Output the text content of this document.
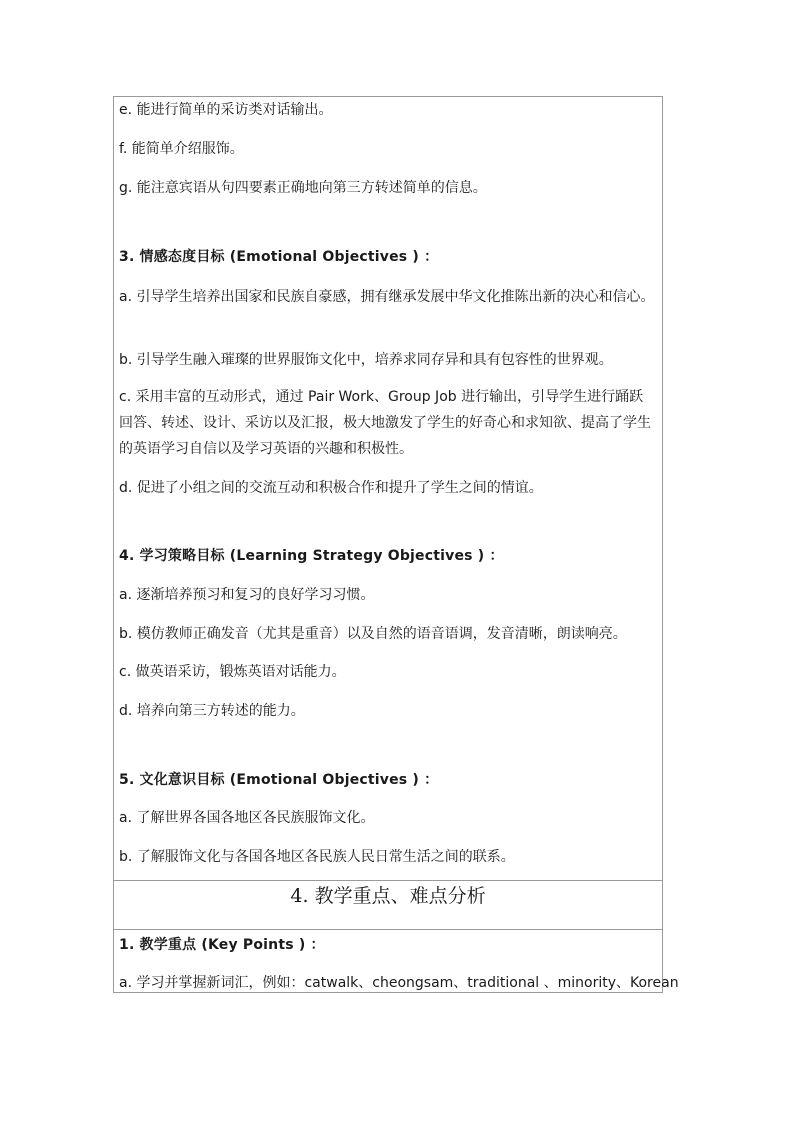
e. 能进行简单的采访类对话输出。
f. 能简单介绍服饰。
g. 能注意宾语从句四要素正确地向第三方转述简单的信息。
3. 情感态度目标 (Emotional Objectives ) ：
a. 引导学生培养出国家和民族自豪感，拥有继承发展中华文化推陈出新的决心和信心。
b. 引导学生融入璀璨的世界服饰文化中，培养求同存异和具有包容性的世界观。
c. 采用丰富的互动形式，通过 Pair Work、Group Job 进行输出，引导学生进行踊跃回答、转述、设计、采访以及汇报，极大地激发了学生的好奇心和求知欲、提高了学生的英语学习自信以及学习英语的兴趣和积极性。
d. 促进了小组之间的交流互动和积极合作和提升了学生之间的情谊。
4. 学习策略目标 (Learning Strategy Objectives ) ：
a. 逐渐培养预习和复习的良好学习习惯。
b. 模仿教师正确发音（尤其是重音）以及自然的语音语调，发音清晰，朗读响亮。
c. 做英语采访，锻炼英语对话能力。
d. 培养向第三方转述的能力。
5. 文化意识目标 (Emotional Objectives ) ：
a. 了解世界各国各地区各民族服饰文化。
b. 了解服饰文化与各国各地区各民族人民日常生活之间的联系。
4. 教学重点、难点分析
1. 教学重点 (Key Points ) ：
a. 学习并掌握新词汇，例如：catwalk、cheongsam、traditional 、minority、Korean
